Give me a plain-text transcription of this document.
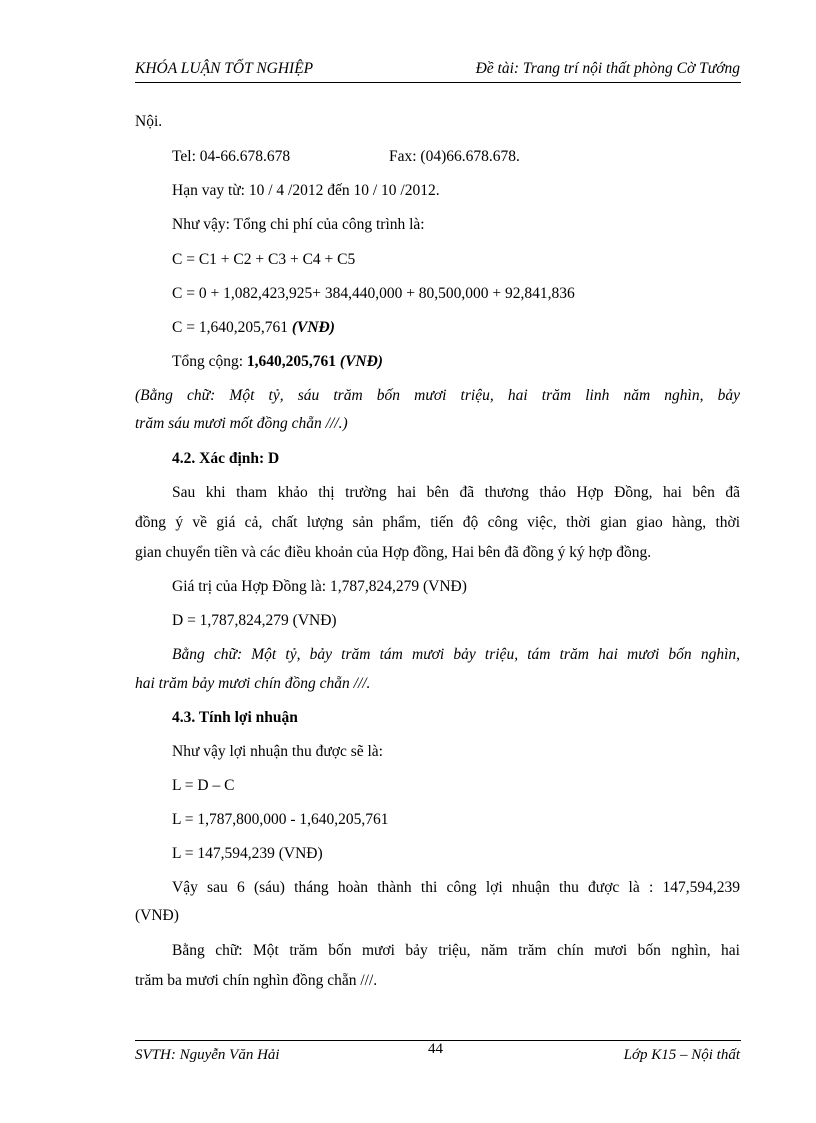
KHÓA LUẬN TỐT NGHIỆP	Đề tài: Trang trí nội thất phòng Cờ Tướng
Nội.
Tel: 04-66.678.678	Fax: (04)66.678.678.
Hạn vay từ: 10 / 4 /2012 đến 10 / 10 /2012.
Như vậy: Tổng chi phí của công trình là:
C = C1 + C2 + C3 + C4 + C5
C = 0 + 1,082,423,925+ 384,440,000 + 80,500,000 + 92,841,836
C = 1,640,205,761 (VNĐ)
Tổng cộng: 1,640,205,761 (VNĐ)
(Bằng chữ: Một tỷ, sáu trăm bốn mươi triệu, hai trăm linh năm nghìn, bảy
trăm sáu mươi mốt đồng chẵn ///.)
4.2. Xác định: D
Sau khi tham khảo thị trường hai bên đã thương thảo Hợp Đồng, hai bên đã
đồng ý về giá cả, chất lượng sản phẩm, tiến độ công việc, thời gian giao hàng, thời
gian chuyển tiền và các điều khoản của Hợp đồng, Hai bên đã đồng ý ký hợp đồng.
Giá trị của Hợp Đồng là: 1,787,824,279 (VNĐ)
D = 1,787,824,279 (VNĐ)
Bằng chữ: Một tỷ, bảy trăm tám mươi bảy triệu, tám trăm hai mươi bốn nghìn,
hai trăm bảy mươi chín đồng chẵn ///.
4.3. Tính lợi nhuận
Như vậy lợi nhuận thu được sẽ là:
L = D – C
L = 1,787,800,000 - 1,640,205,761
L = 147,594,239 (VNĐ)
Vậy sau 6 (sáu) tháng hoàn thành thi công lợi nhuận thu được là : 147,594,239
(VNĐ)
Bằng chữ: Một trăm bốn mươi bảy triệu, năm trăm chín mươi bốn nghìn, hai
trăm ba mươi chín nghìn đồng chẵn ///.
SVTH: Nguyễn Văn Hải	44	Lớp K15 – Nội thất
